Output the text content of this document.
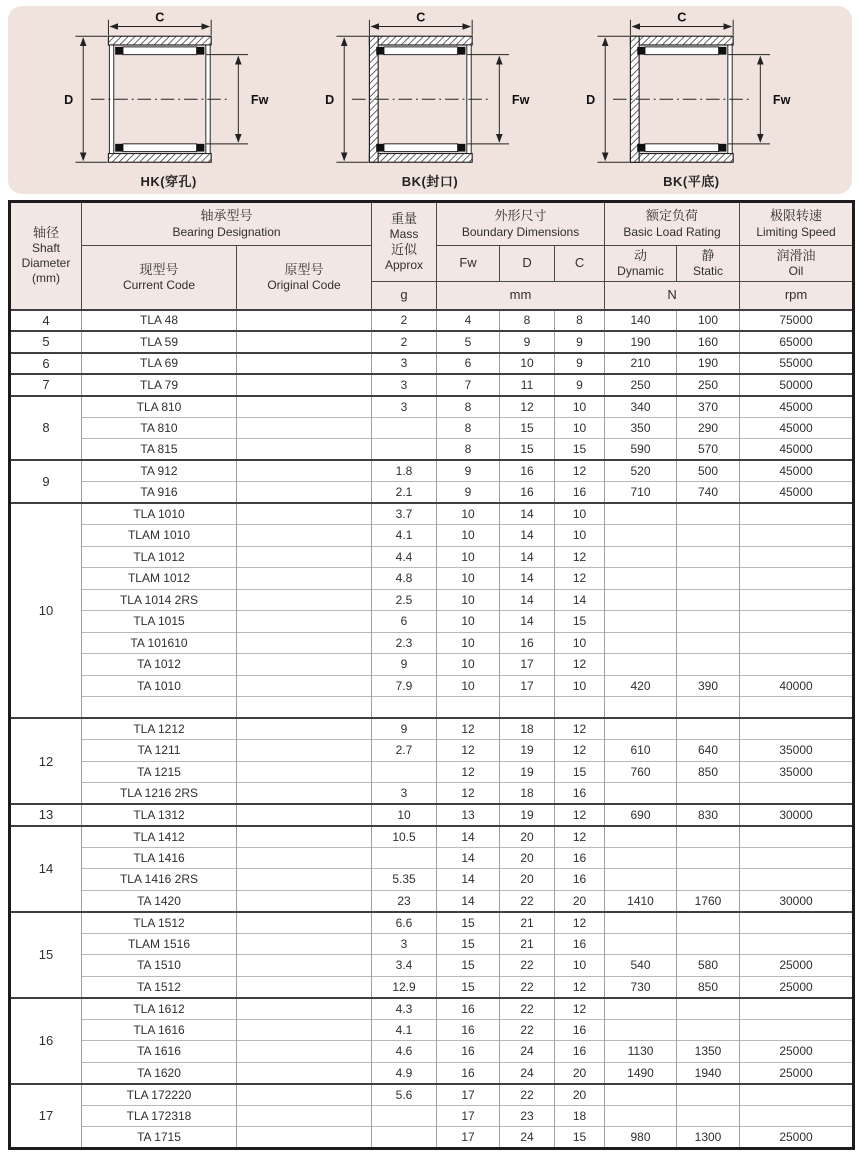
C
D	Fw
HK(穿孔)
C
D	Fw
BK(封口)
C
D	Fw
BK(平底)
轴径
Shaft
Diameter
(mm)	轴承型号
Bearing Designation		重量
Mass
近似
Approx	外形尺寸
Boundary Dimensions			额定负荷
Basic Load Rating		极限转速
Limiting Speed

	现型号
Current Code	原型号
Original Code		Fw	D	C	动
Dynamic	静
Static	润滑油
Oil

			g	mm			N		rpm
4	TLA 48		2	4	8	8	140	100	75000
5	TLA 59		2	5	9	9	190	160	65000
6	TLA 69		3	6	10	9	210	190	55000
7	TLA 79		3	7	11	9	250	250	50000
8	TLA 810		3	8	12	10	340	370	45000
	TA 810			8	15	10	350	290	45000
	TA 815			8	15	15	590	570	45000
9	TA 912		1.8	9	16	12	520	500	45000
	TA 916		2.1	9	16	16	710	740	45000
10	TLA 1010		3.7	10	14	10			
	TLAM 1010		4.1	10	14	10			
	TLA 1012		4.4	10	14	12			
	TLAM 1012		4.8	10	14	12			
	TLA 1014 2RS		2.5	10	14	14			
	TLA 1015		6	10	14	15			
	TA 101610		2.3	10	16	10			
	TA 1012		9	10	17	12			
	TA 1010		7.9	10	17	10	420	390	40000

12	TLA 1212		9	12	18	12			
	TA 1211		2.7	12	19	12	610	640	35000
	TA 1215			12	19	15	760	850	35000
	TLA 1216 2RS		3	12	18	16			
13	TLA 1312		10	13	19	12	690	830	30000
14	TLA 1412		10.5	14	20	12			
	TLA 1416			14	20	16			
	TLA 1416 2RS		5.35	14	20	16			
	TA 1420		23	14	22	20	1410	1760	30000
15	TLA 1512		6.6	15	21	12			
	TLAM 1516		3	15	21	16			
	TA 1510		3.4	15	22	10	540	580	25000
	TA 1512		12.9	15	22	12	730	850	25000
16	TLA 1612		4.3	16	22	12			
	TLA 1616		4.1	16	22	16			
	TA 1616		4.6	16	24	16	1130	1350	25000
	TA 1620		4.9	16	24	20	1490	1940	25000
17	TLA 172220		5.6	17	22	20			
	TLA 172318			17	23	18			
	TA 1715			17	24	15	980	1300	25000
